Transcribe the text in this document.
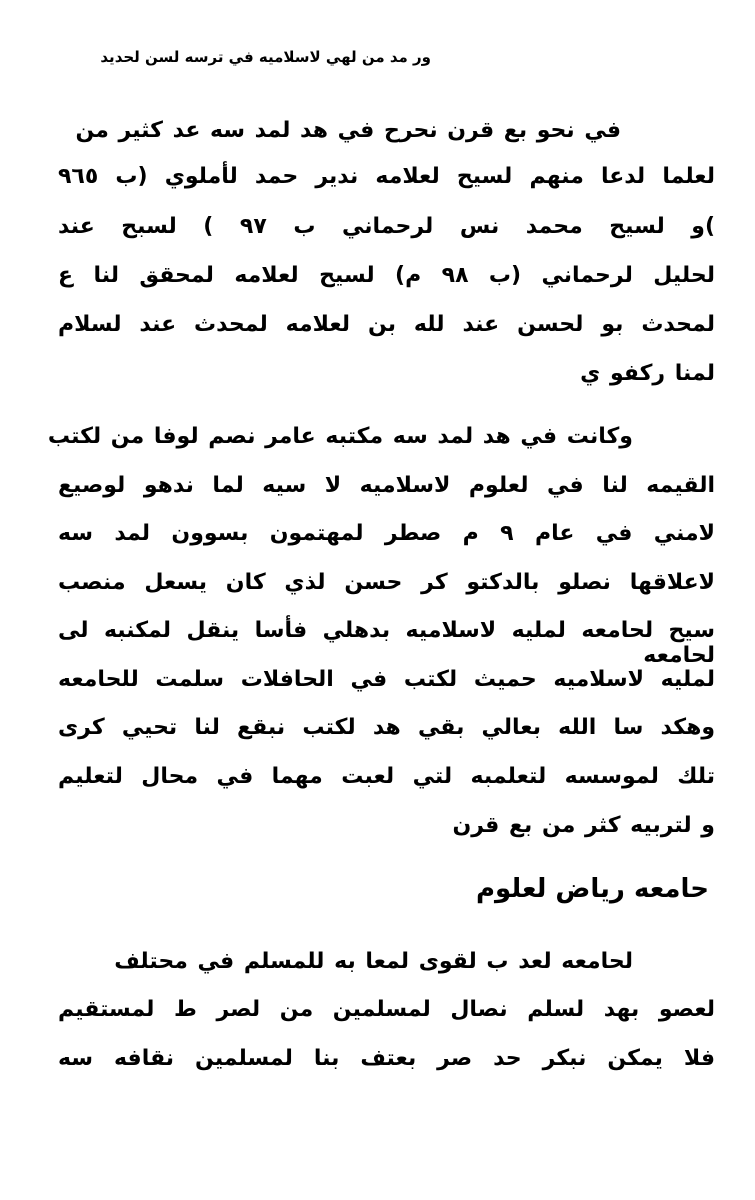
ور مد من لهي لاسلاميه في ترسه لسن لحديد
في نحو بع قرن نحرح في هد لمد سه عد كثير من
لعلما لدعا منهم لسيح لعلامه ندير حمد لأملوي (ب ٩٦٥
)و لسيح محمد نس لرحماني ب ٩٧ ) لسبح عند
لحليل لرحماني (ب ٩٨ م) لسيح لعلامه لمحقق لنا ع
لمحدث بو لحسن عند لله بن لعلامه لمحدث عند لسلام
لمنا ركفو ي
وكانت في هد لمد سه مكتبه عامر نصم لوفا من لكتب
القيمه لنا في لعلوم لاسلاميه لا سيه لما ندهو لوصيع
لامني في عام ٩ م صطر لمهتمون بسوون لمد سه
لاعلاقها نصلو بالدكتو كر حسن لذي كان يسعل منصب
سيح لحامعه لمليه لاسلاميه بدهلي فأسا ينقل لمكنبه لى لحامعه
لمليه لاسلاميه حميث لكتب في الحافلات سلمت للحامعه
وهكد سا الله بعالي بقي هد لكتب نبقع لنا تحيي كرى
تلك لموسسه لتعلمبه لتي لعبت مهما في محال لتعليم
و لتربيه كثر من بع قرن
حامعه رياض لعلوم
لحامعه لعد ب لقوى لمعا به للمسلم في محتلف
لعصو بهد لسلم نصال لمسلمين من لصر ط لمستقيم
فلا يمكن نبكر حد صر بعتف بنا لمسلمين نقافه سه
